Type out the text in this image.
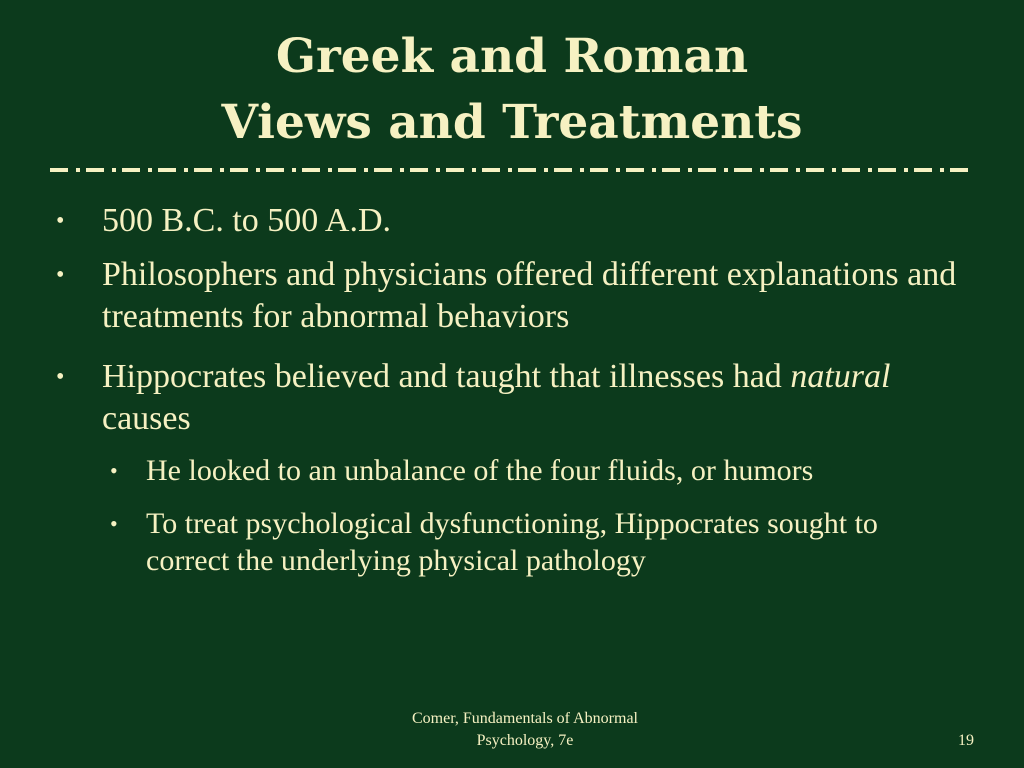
Greek and Roman
Views and Treatments
• 500 B.C. to 500 A.D.
• Philosophers and physicians offered different explanations and treatments for abnormal behaviors
• Hippocrates believed and taught that illnesses had natural causes
• He looked to an unbalance of the four fluids, or humors
• To treat psychological dysfunctioning, Hippocrates sought to correct the underlying physical pathology
Comer, Fundamentals of Abnormal
Psychology, 7e	19
